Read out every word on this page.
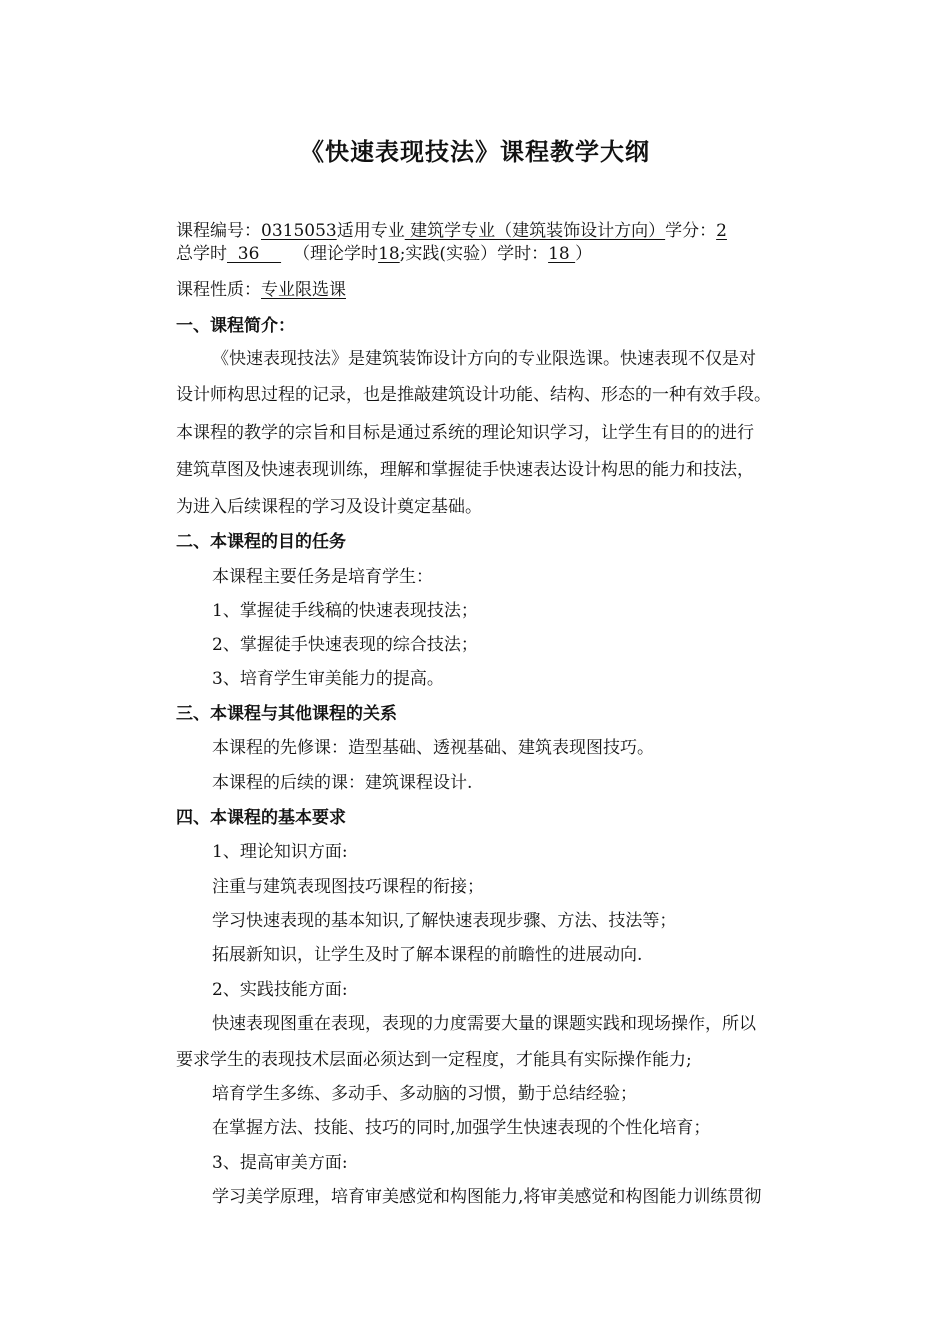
《快速表现技法》课程教学大纲
课程编号：0315053适用专业 建筑学专业（建筑装饰设计方向）学分：2
总学时  36    （理论学时18;实践(实验）学时：18 ）
课程性质：专业限选课
一、课程简介：
《快速表现技法》是建筑装饰设计方向的专业限选课。快速表现不仅是对
设计师构思过程的记录，也是推敲建筑设计功能、结构、形态的一种有效手段。
本课程的教学的宗旨和目标是通过系统的理论知识学习，让学生有目的的进行
建筑草图及快速表现训练，理解和掌握徒手快速表达设计构思的能力和技法，
为进入后续课程的学习及设计奠定基础。
二、本课程的目的任务
本课程主要任务是培育学生：
1、掌握徒手线稿的快速表现技法；
2、掌握徒手快速表现的综合技法；
3、培育学生审美能力的提高。
三、本课程与其他课程的关系
本课程的先修课：造型基础、透视基础、建筑表现图技巧。
本课程的后续的课：建筑课程设计.
四、本课程的基本要求
1、理论知识方面:
注重与建筑表现图技巧课程的衔接；
学习快速表现的基本知识,了解快速表现步骤、方法、技法等；
拓展新知识，让学生及时了解本课程的前瞻性的进展动向.
2、实践技能方面:
快速表现图重在表现，表现的力度需要大量的课题实践和现场操作，所以
要求学生的表现技术层面必须达到一定程度，才能具有实际操作能力;
培育学生多练、多动手、多动脑的习惯，勤于总结经验；
在掌握方法、技能、技巧的同时,加强学生快速表现的个性化培育；
3、提高审美方面:
学习美学原理，培育审美感觉和构图能力,将审美感觉和构图能力训练贯彻
